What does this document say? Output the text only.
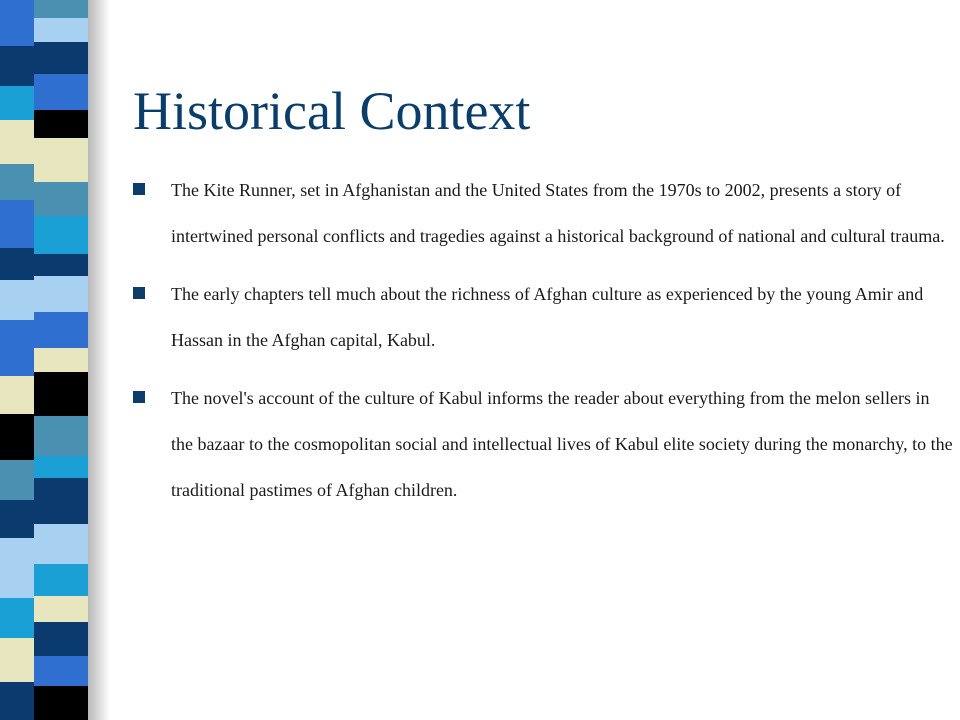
Historical Context
The Kite Runner, set in Afghanistan and the United States from the 1970s to 2002, presents a story of intertwined personal conflicts and tragedies against a historical background of national and cultural trauma.
The early chapters tell much about the richness of Afghan culture as experienced by the young Amir and Hassan in the Afghan capital, Kabul.
The novel's account of the culture of Kabul informs the reader about everything from the melon sellers in the bazaar to the cosmopolitan social and intellectual lives of Kabul elite society during the monarchy, to the traditional pastimes of Afghan children.
